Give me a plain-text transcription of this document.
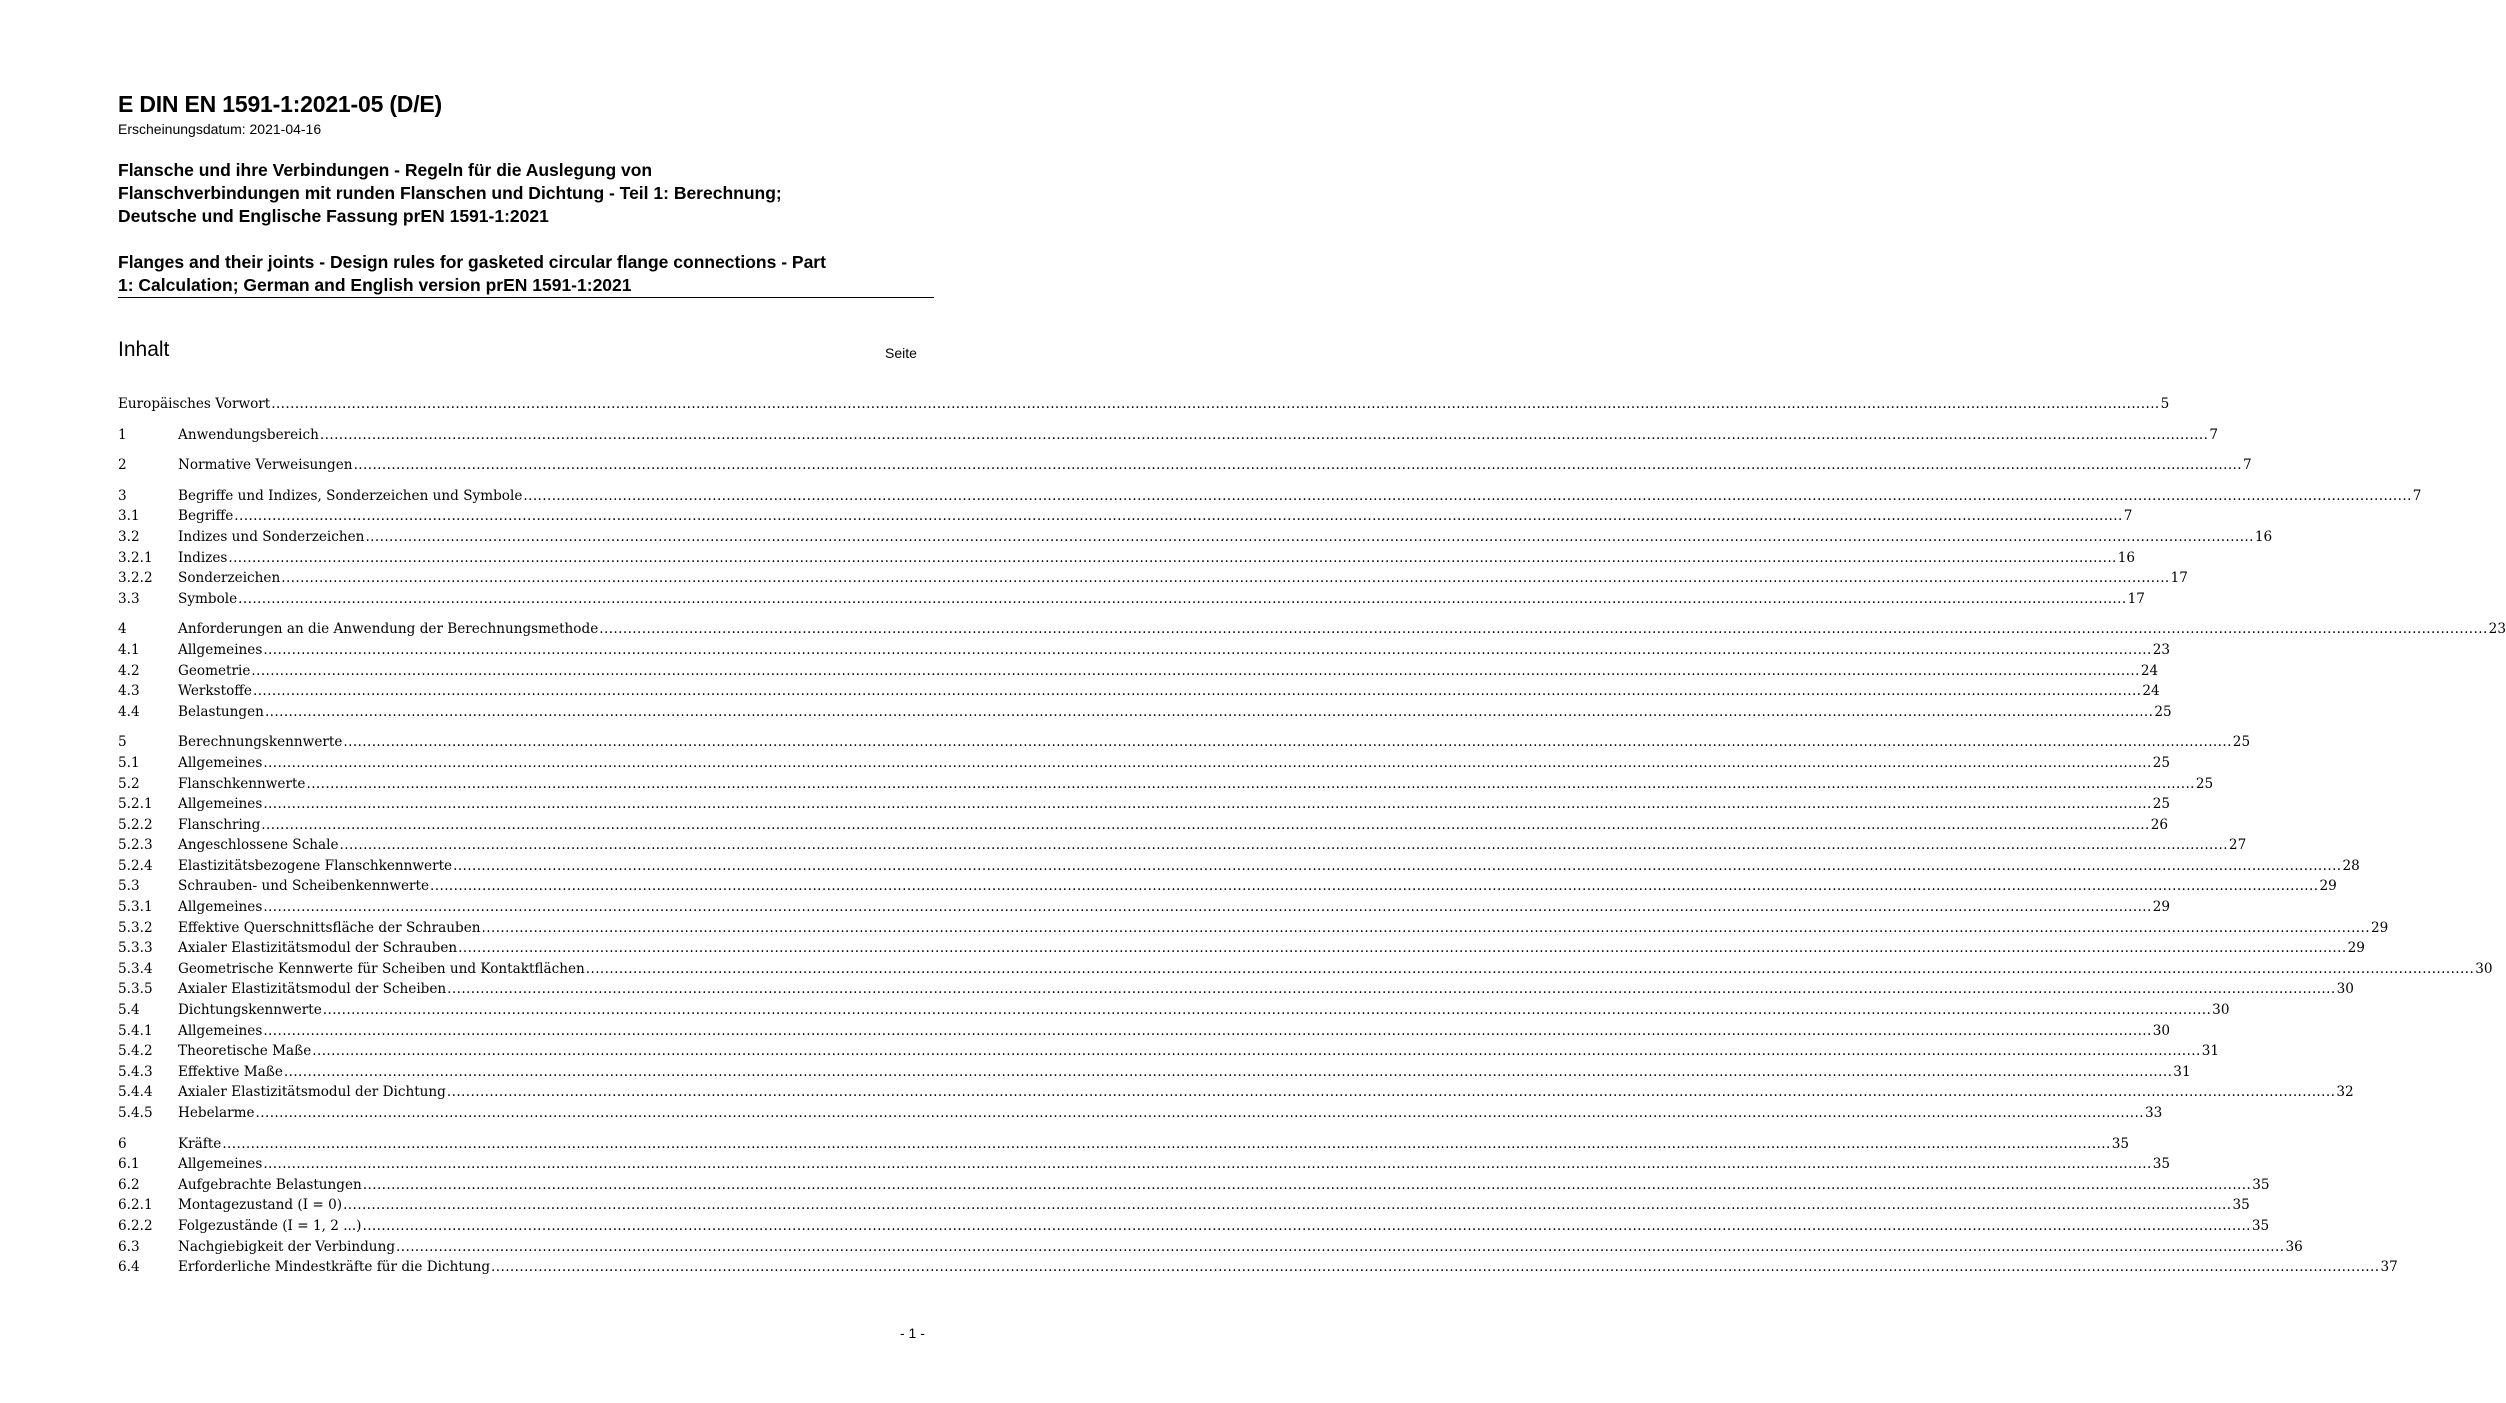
E DIN EN 1591-1:2021-05 (D/E)
Erscheinungsdatum: 2021-04-16
Flansche und ihre Verbindungen - Regeln für die Auslegung von
Flanschverbindungen mit runden Flanschen und Dichtung - Teil 1: Berechnung;
Deutsche und Englische Fassung prEN 1591-1:2021
Flanges and their joints - Design rules for gasketed circular flange connections - Part
1: Calculation; German and English version prEN 1591-1:2021
Inhalt	Seite
Europäisches Vorwort ................................................................................................................................................................................................................................................................................................................................................................................................................ 5
1	Anwendungsbereich ................................................................................................................................................................................................................................................................................................................................................................................................................ 7
2	Normative Verweisungen ................................................................................................................................................................................................................................................................................................................................................................................................................ 7
3	Begriffe und Indizes, Sonderzeichen und Symbole ................................................................................................................................................................................................................................................................................................................................................................................................................ 7
3.1	Begriffe ................................................................................................................................................................................................................................................................................................................................................................................................................ 7
3.2	Indizes und Sonderzeichen ................................................................................................................................................................................................................................................................................................................................................................................................................ 16
3.2.1 Indizes ................................................................................................................................................................................................................................................................................................................................................................................................................ 16
3.2.2 Sonderzeichen ................................................................................................................................................................................................................................................................................................................................................................................................................ 17
3.3	Symbole ................................................................................................................................................................................................................................................................................................................................................................................................................ 17
4	Anforderungen an die Anwendung der Berechnungsmethode ................................................................................................................................................................................................................................................................................................................................................................................................................ 23
4.1	Allgemeines ................................................................................................................................................................................................................................................................................................................................................................................................................ 23
4.2	Geometrie ................................................................................................................................................................................................................................................................................................................................................................................................................ 24
4.3	Werkstoffe ................................................................................................................................................................................................................................................................................................................................................................................................................ 24
4.4	Belastungen ................................................................................................................................................................................................................................................................................................................................................................................................................ 25
5	Berechnungskennwerte ................................................................................................................................................................................................................................................................................................................................................................................................................ 25
5.1	Allgemeines ................................................................................................................................................................................................................................................................................................................................................................................................................ 25
5.2	Flanschkennwerte ................................................................................................................................................................................................................................................................................................................................................................................................................ 25
5.2.1 Allgemeines ................................................................................................................................................................................................................................................................................................................................................................................................................ 25
5.2.2 Flanschring ................................................................................................................................................................................................................................................................................................................................................................................................................ 26
5.2.3 Angeschlossene Schale ................................................................................................................................................................................................................................................................................................................................................................................................................ 27
5.2.4 Elastizitätsbezogene Flanschkennwerte ................................................................................................................................................................................................................................................................................................................................................................................................................ 28
5.3	Schrauben- und Scheibenkennwerte ................................................................................................................................................................................................................................................................................................................................................................................................................ 29
5.3.1 Allgemeines ................................................................................................................................................................................................................................................................................................................................................................................................................ 29
5.3.2 Effektive Querschnittsfläche der Schrauben ................................................................................................................................................................................................................................................................................................................................................................................................................ 29
5.3.3 Axialer Elastizitätsmodul der Schrauben ................................................................................................................................................................................................................................................................................................................................................................................................................ 29
5.3.4 Geometrische Kennwerte für Scheiben und Kontaktflächen ................................................................................................................................................................................................................................................................................................................................................................................................................ 30
5.3.5 Axialer Elastizitätsmodul der Scheiben ................................................................................................................................................................................................................................................................................................................................................................................................................ 30
5.4	Dichtungskennwerte ................................................................................................................................................................................................................................................................................................................................................................................................................ 30
5.4.1 Allgemeines ................................................................................................................................................................................................................................................................................................................................................................................................................ 30
5.4.2 Theoretische Maße ................................................................................................................................................................................................................................................................................................................................................................................................................ 31
5.4.3 Effektive Maße ................................................................................................................................................................................................................................................................................................................................................................................................................ 31
5.4.4 Axialer Elastizitätsmodul der Dichtung ................................................................................................................................................................................................................................................................................................................................................................................................................ 32
5.4.5 Hebelarme ................................................................................................................................................................................................................................................................................................................................................................................................................ 33
6	Kräfte ................................................................................................................................................................................................................................................................................................................................................................................................................ 35
6.1	Allgemeines ................................................................................................................................................................................................................................................................................................................................................................................................................ 35
6.2	Aufgebrachte Belastungen ................................................................................................................................................................................................................................................................................................................................................................................................................ 35
6.2.1 Montagezustand (I = 0) ................................................................................................................................................................................................................................................................................................................................................................................................................ 35
6.2.2 Folgezustände (I = 1, 2 ...) ................................................................................................................................................................................................................................................................................................................................................................................................................ 35
6.3	Nachgiebigkeit der Verbindung ................................................................................................................................................................................................................................................................................................................................................................................................................ 36
6.4	Erforderliche Mindestkräfte für die Dichtung ................................................................................................................................................................................................................................................................................................................................................................................................................ 37
- 1 -
